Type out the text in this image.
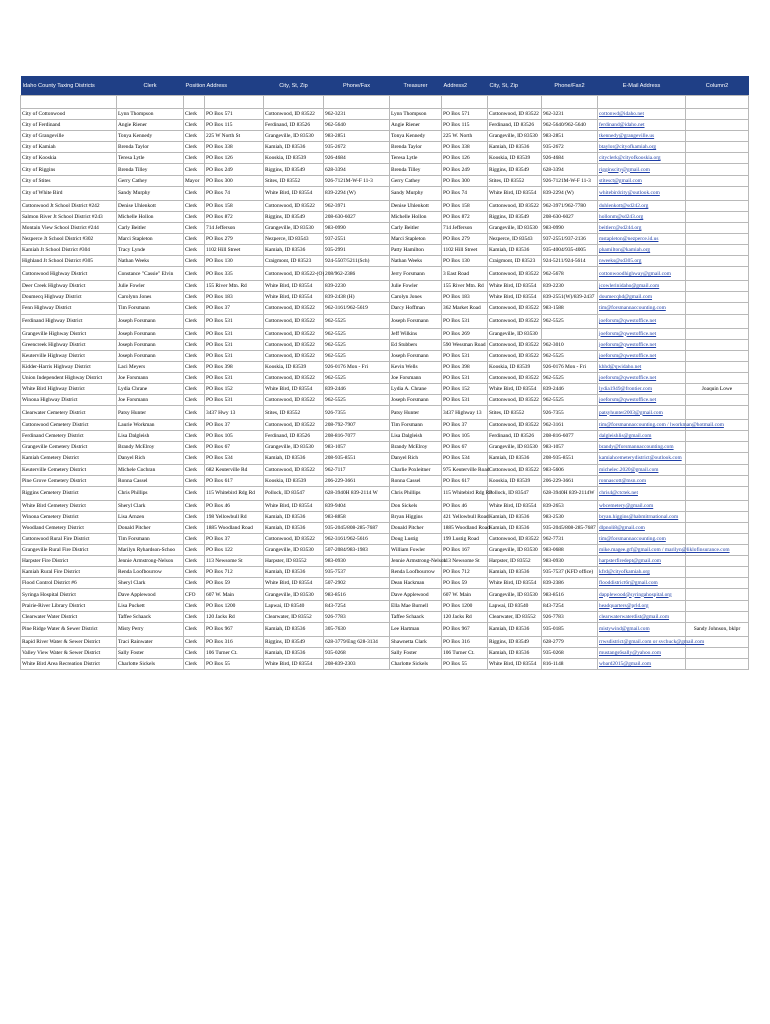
Idaho County Taxing Districts	Clerk	Position	Address	City, St, Zip	Phone/Fax	Treasurer	Address2	City, St, Zip	Phone/Fax2	E-Mail Address	Column2

City of Cottonwood	Lynn Thompson	Clerk	PO Box 571	Cottonwood, ID 83522	962-3231	Lynn Thompson	PO Box 571	Cottonwood, ID 83522	962-3231	cottonwd@idaho.net	
City of Ferdinand	Angie Riener	Clerk	PO Box 115	Ferdinand, ID 83526	962-5640	Angie Riener	PO Box 115	Ferdinand, ID 83526	962-5640/962-5640	ferdinand@idaho.net	
City of Grangeville	Tonya Kennedy	Clerk	225 W North St	Grangeville, ID 83530	983-2851	Tonya Kennedy	225 W. North	Grangeville, ID 83530	983-2851	tkennedy@grangeville.us	
City of Kamiah	Brenda Taylor	Clerk	PO Box 338	Kamiah, ID 83536	935-2672	Brenda Taylor	PO Box 338	Kamiah, ID 83536	935-2672	btaylor@cityofkamiah.org	
City of Kooskia	Teresa Lytle	Clerk	PO Box 126	Kooskia, ID 83539	926-4684	Teresa Lytle	PO Box 126	Kooskia, ID 83539	926-4684	cityclerk@cityofkooskia.org	
City of Riggins	Brenda Tilley	Clerk	PO Box 249	Riggins, ID 83549	628-3394	Brenda Tilley	PO Box 249	Riggins, ID 83549	628-3394	rigginscity@gmail.com	
City of Stites	Gerry Cathey	Mayor	PO Box 300	Stites, ID 83552	926-7121M-W-F 11-3	Gerry Cathey	PO Box 300	Stites, ID 83552	926-7121M-W-F 11-3	stitesct@gmail.com	
City of White Bird	Sandy Murphy	Clerk	PO Box 74	White Bird, ID 83554	839-2294 (W)	Sandy Murphy	PO Box 74	White Bird, ID 83554	839-2294 (W)	whitebirdcity@outlook.com	
Cottonwood Jt School District #242	Denise Uhlenkott	Clerk	PO Box 158	Cottonwood, ID 83522	962-3971	Denise Uhlenkott	PO Box 158	Cottonwood, ID 83522	962-3971/962-7780	duhlenkott@sd242.org	
Salmon River Jt School District #243	Michelle Hollon	Clerk	PO Box 872	Riggins, ID 83549	208-630-6027	Michelle Hollon	PO Box 872	Riggins, ID 83549	208-630-6027	hollonm@sd243.org	
Montain View School District #244	Carly Beitler	Clerk	714 Jefferson	Grangeville, ID 83530	983-0990	Carly Beitler	714 Jefferson	Grangeville, ID 83530	983-0990	beitlerc@sd244.org	
Nezperce Jt School District #302	Marci Stapleton	Clerk	PO Box 279	Nezperce, ID 83543	937-2551	Marci Stapleton	PO Box 279	Nezperce, ID 83543	937-2551/937-2136	mstapleton@nezperce.id.us	
Kamiah Jt School District #304	Tracy Lynde	Clerk	1102 Hill Street	Kamiah, ID 83536	935-2991	Patty Hamilton	1102 Hill Street	Kamiah, ID 83536	935-4004/935-4005	phamilton@kamiah.org	
Highland Jt School District #305	Nathan Weeks	Clerk	PO Box 130	Craigmont, ID 83523	924-5507/5211(Sch)	Nathan Weeks	PO Box 130	Craigmont, ID 83523	924-5211/924-5614	nweeks@sd305.org	
Cottonwood Highway District	Constance "Cassie" Elvin	Clerk	PO Box 335	Cottonwood, ID 83522-(O)	208/962-2386	Jerry Forsmann	3 East Road	Cottonwood, ID 83522	962-5678	cottonwoodhighway@gmail.com	
Deer Creek Highway District	Julie Fowler	Clerk	155 River Mtn. Rd	White Bird, ID 83554	839-2230	Julie Fowler	155 River Mtn. Rd	White Bird, ID 83554	839-2230	jcowlerinidaho@gmail.com	
Doumecq Highway District	Carolynn Jones	Clerk	PO Box 183	White Bird, ID 83554	839-2438 (H)	Carolyn Jones	PO Box 183	White Bird, ID 83554	839-2551(W)/839-2437	doumecqhd@gmail.com	
Fenn Highway District	Tim Forsmann	Clerk	PO Box 37	Cottonwood, ID 83522	962-3161/962-5619	Darcy Hoffman	362 Market Road	Cottonwood, ID 83522	983-1588	tim@forsmannaccounting.com	
Ferdinand Highway District	Joseph Forsmann	Clerk	PO Box 531	Cottonwood, ID 83522	962-5525	Joseph Forsmann	PO Box 531	Cottonwood, ID 83522	962-5525	joeforsm@qwestoffice.net	
Grangeville Highway District	Joseph Forsmann	Clerk	PO Box 531	Cottonwood, ID 83522	962-5525	Jeff Wilkins	PO Box 269	Grangeville, ID 83530		joeforsm@qwestoffice.net	
Greencreek Highway District	Joseph Forsmann	Clerk	PO Box 531	Cottonwood, ID 83522	962-5525	Ed Stubbers	590 Wessman Road	Cottonwood, ID 83522	962-3010	joeforsm@qwestoffice.net	
Keuterville Highway District	Joseph Forsmann	Clerk	PO Box 531	Cottonwood, ID 83522	962-5525	Joseph Forsmann	PO Box 531	Cottonwood, ID 83522	962-5525	joeforsm@qwestoffice.net	
Kidder-Harris Highway District	Laci Meyers	Clerk	PO Box 398	Kooskia, ID 83539	926-0176 Mon - Fri	Kevin Wells	PO Box 398	Kooskia, ID 83539	926-0176 Mon - Fri	khhd@qwidaho.net	
Union Independent Highway District	Joe Forsmann	Clerk	PO Box 531	Cottonwood, ID 83522	962-5525	Joe Forsmann	PO Box 531	Cottonwood, ID 83522	962-5525	joeforsm@qwestoffice.net	
White Bird Highway District	Lydia Chrane	Clerk	PO Box 152	White Bird, ID 83554	839-2446	Lydia A. Chrane	PO Box 152	White Bird, ID 83554	839-2446	lydia1949@frontier.com	Joaquin Lowe
Winona Highway District	Joe Forsmann	Clerk	PO Box 531	Cottonwood, ID 83522	962-5525	Joseph Forsmann	PO Box 531	Cottonwood, ID 83522	962-5525	joeforsm@qwestoffice.net	
Clearwater Cemetery District	Patsy Hunter	Clerk	3437 Hwy 13	Stites, ID 83552	926-7355	Patsy Hunter	3437 Highway 13	Stites, ID 83552	926-7355	patsyhunter2003@gmail.com	
Cottonwood Cemetery District	Laurie Workman	Clerk	PO Box 37	Cottonwood, ID 83522	208-792-7907	Tim Forsmann	PO Box 37	Cottonwood, ID 83522	962-3161	tim@forsmannaccounting.com / lworkman@hotmail.com	
Ferdinand Cemetery District	Lisa Dalgleish	Clerk	PO Box 105	Ferdinand, ID 83526	208-816-7077	Lisa Dalgleish	PO Box 105	Ferdinand, ID 83526	208-816-6077	dalgleishlis@gmail.com	
Grangeville Cemetery District	Brandy McElroy	Clerk	PO Box 67	Grangeville, ID 83530	983-1057	Brandy McElroy	PO Box 67	Grangeville, ID 83530	983-1057	brandy@forsmannaccounting.com	
Kamiah Cemetery District	Danyel Rich	Clerk	PO Box 534	Kamiah, ID 83536	208-935-8551	Danyel Rich	PO Box 534	Kamiah, ID 83536	208-935-8551	kamiahcemeterydistrict@outlook.com	
Keuterville Cemetery District	Michele Cochran	Clerk	682 Keuterville Rd	Cottonwood, ID 83522	962-7117	Charlie Poxleitner	975 Keuterville Road	Cottonwood, ID 83522	983-5606	michelec.2020@gmail.com	
Pine Grove Cemetery District	Ronna Cassel	Clerk	PO Box 617	Kooskia, ID 83539	206-229-3661	Ronna Cassel	PO Box 617	Kooskia, ID 83539	206-229-3661	ronnascott@msn.com	
Riggins Cemetery District	Chris Phillips	Clerk	115 Whitebird Rdg Rd	Pollock, ID 83547	628-3940H 839-2114 W	Chris Phillips	115 Whitebird Rdg Rd	Pollock, ID 83547	628-3940H 839-2114W	chris4@ctctek.net	
White Bird Cemetery District	Sheryl Clark	Clerk	PO Box 46	White Bird, ID 83554	839-9404	Don Sickels	PO Box 46	White Bird, ID 83554	839-2653	wbcemetery@gmail.com	
Winona Cemetery District	Lisa Arnzen	Clerk	198 Yellowbull Rd	Kamiah, ID 83536	983-8858	Bryan Higgins	421 Yellowbull Road	Kamiah, ID 83536	983-2530	bryan.higgins@habmitrnational.com	
Woodland Cemetery District	Donald Pitcher	Clerk	1885 Woodland Road	Kamiah, ID 83536	935-2045/808-285-7687	Donald Pitcher	1885 Woodland Road	Kamiah, ID 83536	935-2045/808-285-7687	dlpnoli8@gmail.com	
Cottonwood Rural Fire District	Tim Forsmann	Clerk	PO Box 37	Cottonwood, ID 83522	962-3161/962-5616	Doug Lustig	199 Lustig Road	Cottonwood, ID 83522	962-7731	tim@forsmannaccounting.com	
Grangeville Rural Fire District	Marilyn Ryhardson-Schoo	Clerk	PO Box 122	Grangeville, ID 83530	507-2084/983-1983	William Fowler	PO Box 167	Grangeville, ID 83530	983-0688	mike.magee.grf@gmail.com / marilyn@liklofinsurance.com	
Harpster Fire District	Jennie Armstrong-Nelson	Clerk	113 Newsome St	Harpster, ID 83552	983-0930	Jennie Armstrong-Nelson	113 Newsome St	Harpster, ID 83552	983-0930	harpsterfiredept@gmail.com	
Kamiah Rural Fire District	Renda Loofbourrow	Clerk	PO Box 712	Kamiah, ID 83536	935-7537	Renda Loofbourrow	PO Box 712	Kamiah, ID 83536	935-7537 (KFD office)	kfrd@cityofkamiah.org	
Flood Control District #6	Sheryl Clark	Clerk	PO Box 59	White Bird, ID 83554	507-2902	Dean Hackman	PO Box 59	White Bird, ID 83554	839-2386	flooddistrict6r@gmail.com	
Syringa Hospital District	Dave Applewood	CFO	607 W. Main	Grangeville, ID 83530	983-8516	Dave Applewood	607 W. Main	Grangeville, ID 83530	983-8516	dapplewood@syringahospital.org	
Prairie-River Library District	Lisa Puckett	Clerk	PO Box 1200	Lapwai, ID 83540	843-7254	Ella Mae Burnell	PO Box 1200	Lapwai, ID 83540	843-7254	headquarters@prld.org	
Clearwater Water District	Taffee Schaack	Clerk	120 Jacks Rd	Clearwater, ID 83552	926-7783	Taffee Schaack	120 Jacks Rd	Clearwater, ID 83552	926-7783	clearwaterwaterdist@gmail.com	
Pine Ridge Water & Sewer District	Misty Perry	Clerk	PO Box 967	Kamiah, ID 83536	305-7630	Lee Hartman	PO Box 967	Kamiah, ID 83536	935-0185	mistywind@gmail.com	Sandy Johnson, bklpr
Rapid River Water & Sewer District	Traci Rainwater	Clerk	PO Box 316	Riggins, ID 83549	628-3779/Eng 628-3134	Shawnetta Clark	PO Box 316	Riggins, ID 83549	628-2779	rrwsdistrict@gmail.com or svchuck@gmail.com	
Valley View Water & Sewer District	Sally Foster	Clerk	106 Turner Ct.	Kamiah, ID 83536	935-0268	Sally Foster	106 Turner Ct.	Kamiah, ID 83536	935-0268	mustangs6sally@yahoo.com	
White Bird Area Recreation District	Charlotte Sickels	Clerk	PO Box 55	White Bird, ID 83554	208-839-2303	Charlotte Sickels	PO Box 55	White Bird, ID 83554	816-1148	wbard2015@gmail.com	
